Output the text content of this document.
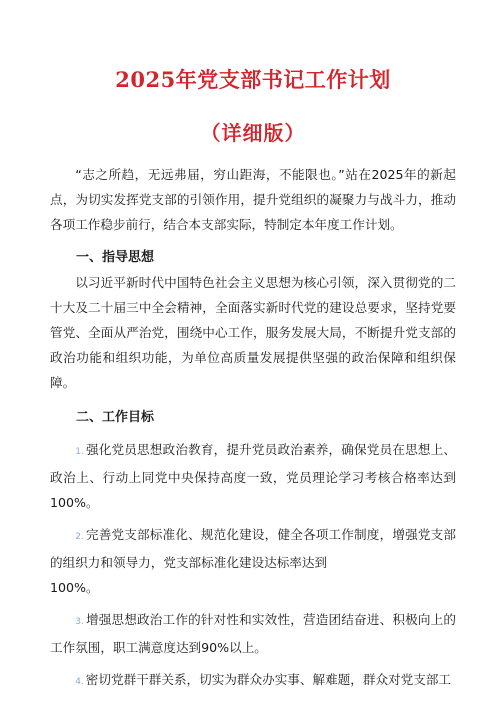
2025年党支部书记工作计划
（详细版）

“志之所趋，无远弗届，穷山距海，不能限也。”站在2025年的新起点，为切实发挥党支部的引领作用，提升党组织的凝聚力与战斗力，推动各项工作稳步前行，结合本支部实际，特制定本年度工作计划。

一、指导思想

以习近平新时代中国特色社会主义思想为核心引领，深入贯彻党的二十大及二十届三中全会精神，全面落实新时代党的建设总要求，坚持党要管党、全面从严治党，围绕中心工作，服务发展大局，不断提升党支部的政治功能和组织功能，为单位高质量发展提供坚强的政治保障和组织保障。

二、工作目标

1. 强化党员思想政治教育，提升党员政治素养，确保党员在思想上、政治上、行动上同党中央保持高度一致，党员理论学习考核合格率达到100%。

2. 完善党支部标准化、规范化建设，健全各项工作制度，增强党支部的组织力和领导力，党支部标准化建设达标率达到

100%。

3. 增强思想政治工作的针对性和实效性，营造团结奋进、积极向上的工作氛围，职工满意度达到90%以上。

4. 密切党群干群关系，切实为群众办实事、解难题，群众对党支部工
